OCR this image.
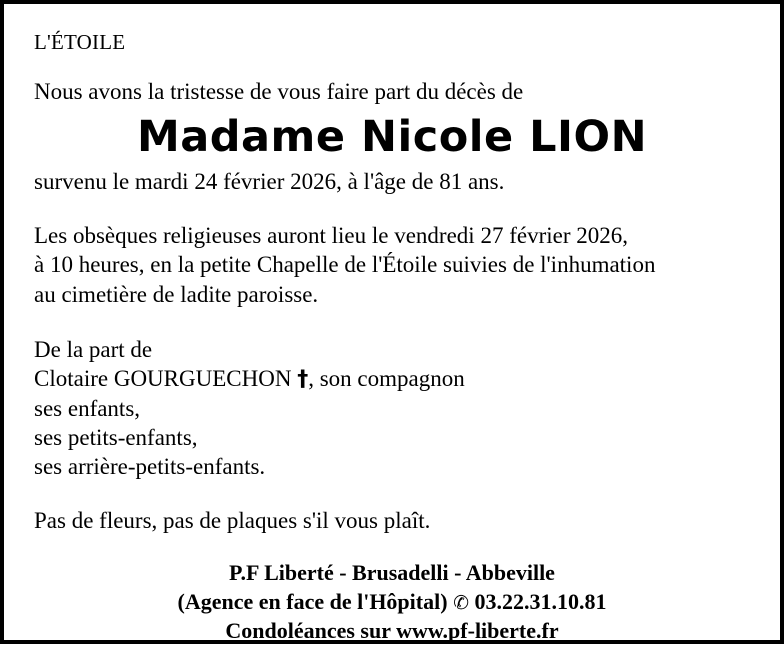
L'ÉTOILE
Nous avons la tristesse de vous faire part du décès de
Madame Nicole LION
survenu le mardi 24 février 2026, à l'âge de 81 ans.
Les obsèques religieuses auront lieu le vendredi 27 février 2026,
à 10 heures, en la petite Chapelle de l'Étoile suivies de l'inhumation
au cimetière de ladite paroisse.
De la part de
Clotaire GOURGUECHON †, son compagnon
ses enfants,
ses petits-enfants,
ses arrière-petits-enfants.
Pas de fleurs, pas de plaques s'il vous plaît.
P.F Liberté - Brusadelli - Abbeville
(Agence en face de l'Hôpital) ✆ 03.22.31.10.81
Condoléances sur www.pf-liberte.fr
